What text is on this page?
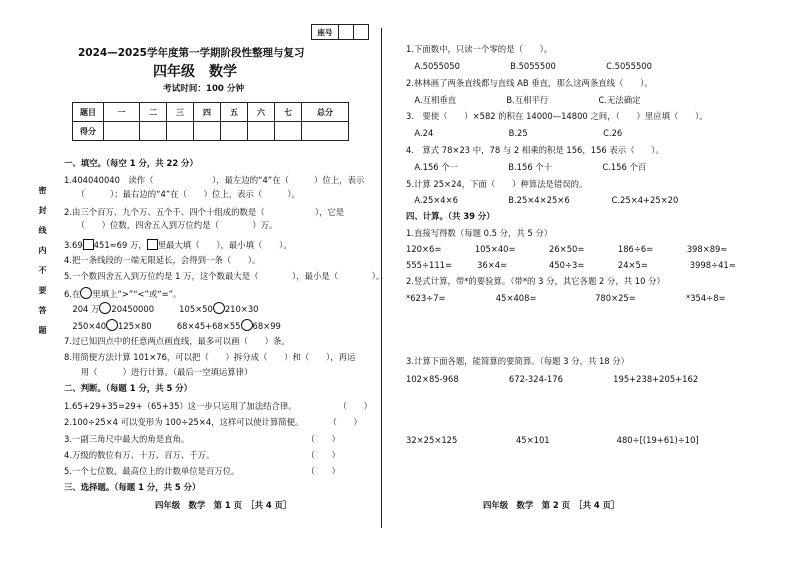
座号		
2024—2025学年度第一学期阶段性整理与复习
四年级　数学
考试时间：100 分钟
题目	一	二	三	四	五	六	七	总分
得分								
密　封　线　内　不　要　答　题
一、填空。（每空 1 分，共 22 分）
1.404040040　读作（　　　　　　　），最左边的“4”在（　　　）位上，表示
　　（　　　）；最右边的“4”在（　　）位上，表示（　　　）。
2.由三个百万、九个万、五个千、四个十组成的数是（　　　　　　），它是
　　（　　）位数，四舍五入到万位约是（　　　　）万。
3.69 451≈69 万， 里最大填（　　），最小填（　　）。
4.把一条线段的一端无限延长，会得到一条（　　）。
5.一个数四舍五入到万位约是 1 万，这个数最大是（　　　　），最小是（　　　　）。
6.在 里填上“>”“<”或“=”。
　204 万 20450000　　　105×50 210×30
　250×40 125×80　　　68×45+68×55 68×99
7.过已知四点中的任意两点画直线，最多可以画（　　）条。
8.用简便方法计算 101×76，可以把（　　）拆分成（　　）和（　　），再运
　　用（　　　）进行计算。（最后一空填运算律）
二、判断。（每题 1 分，共 5 分）
1.65+29+35=29+（65+35）这一步只运用了加法结合律。　　　　　　（　　）
2.100÷25×4 可以变形为 100÷25×4，这样可以使计算简便。　　　　（　　）
3.一副三角尺中最大的角是直角。　　　　　　　　　　　　　　　（　　）
4.万级的数位有万、十万、百万、千万。　　　　　　　　　　　　（　　）
5.一个七位数，最高位上的计数单位是百万位。　　　　　　　　　（　　）
三、选择题。（每题 1 分，共 5 分）
1.下面数中，只读一个零的是（　　）。
　A.5055050　　　　　　B.5055500　　　　　　C.5055500
2.林林画了两条直线都与直线 AB 垂直，那么这两条直线（　　）。
　A.互相垂直　　　　　　B.互相平行　　　　　　C.无法确定
3.　要使（　　）×582 的积在 14000—14800 之间，（　　）里应填（　　）。
　A.24　　　　　　　　　B.25　　　　　　　　　C.26
4.　算式 78×23 中，78 与 2 相乘的积是 156，156 表示（　　）。
　A.156 个一　　　　　　B.156 个十　　　　　　C.156 个百
5.计算 25×24，下面（　　）种算法是错误的。
　A.25×4×6　　　　　　B.25×4×25×6　　　　　C.25×4+25×20
四、计算。（共 39 分）
1.直接写得数（每题 0.5 分，共 5 分）
120×6=　　　　105×40=　　　　26×50=　　　　186÷6=　　　　398×89≈
555÷111=　　　36×4=　　　　　450÷3=　　　　24×5=　　　　　3998÷41≈
2.竖式计算，带*的要验算。（带*的 3 分，其它各题 2 分，共 10 分）
*623÷7=　　　　　　45×408=　　　　　　　780×25=　　　　　　*354÷8=
3.计算下面各题，能简算的要简算。（每题 3 分，共 18 分）
102×85-968　　　　　　672-324-176　　　　　　195+238+205+162
32×25×125　　　　　　　45×101　　　　　　　　480÷[(19+61)÷10]
四年级　数学　第 1 页　［共 4 页］	四年级　数学　第 2 页　［共 4 页］
